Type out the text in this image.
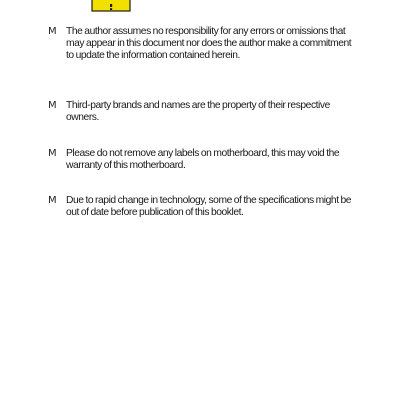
M	The author assumes no responsibility for any errors or omissions that may appear in this document nor does the author make a commitment to update the information contained herein.
M	Third-party brands and names are the property of their respective owners.
M	Please do not remove any labels on motherboard, this may void the warranty of this motherboard.
M	Due to rapid change in technology, some of the specifications might be out of date before publication of this booklet.
